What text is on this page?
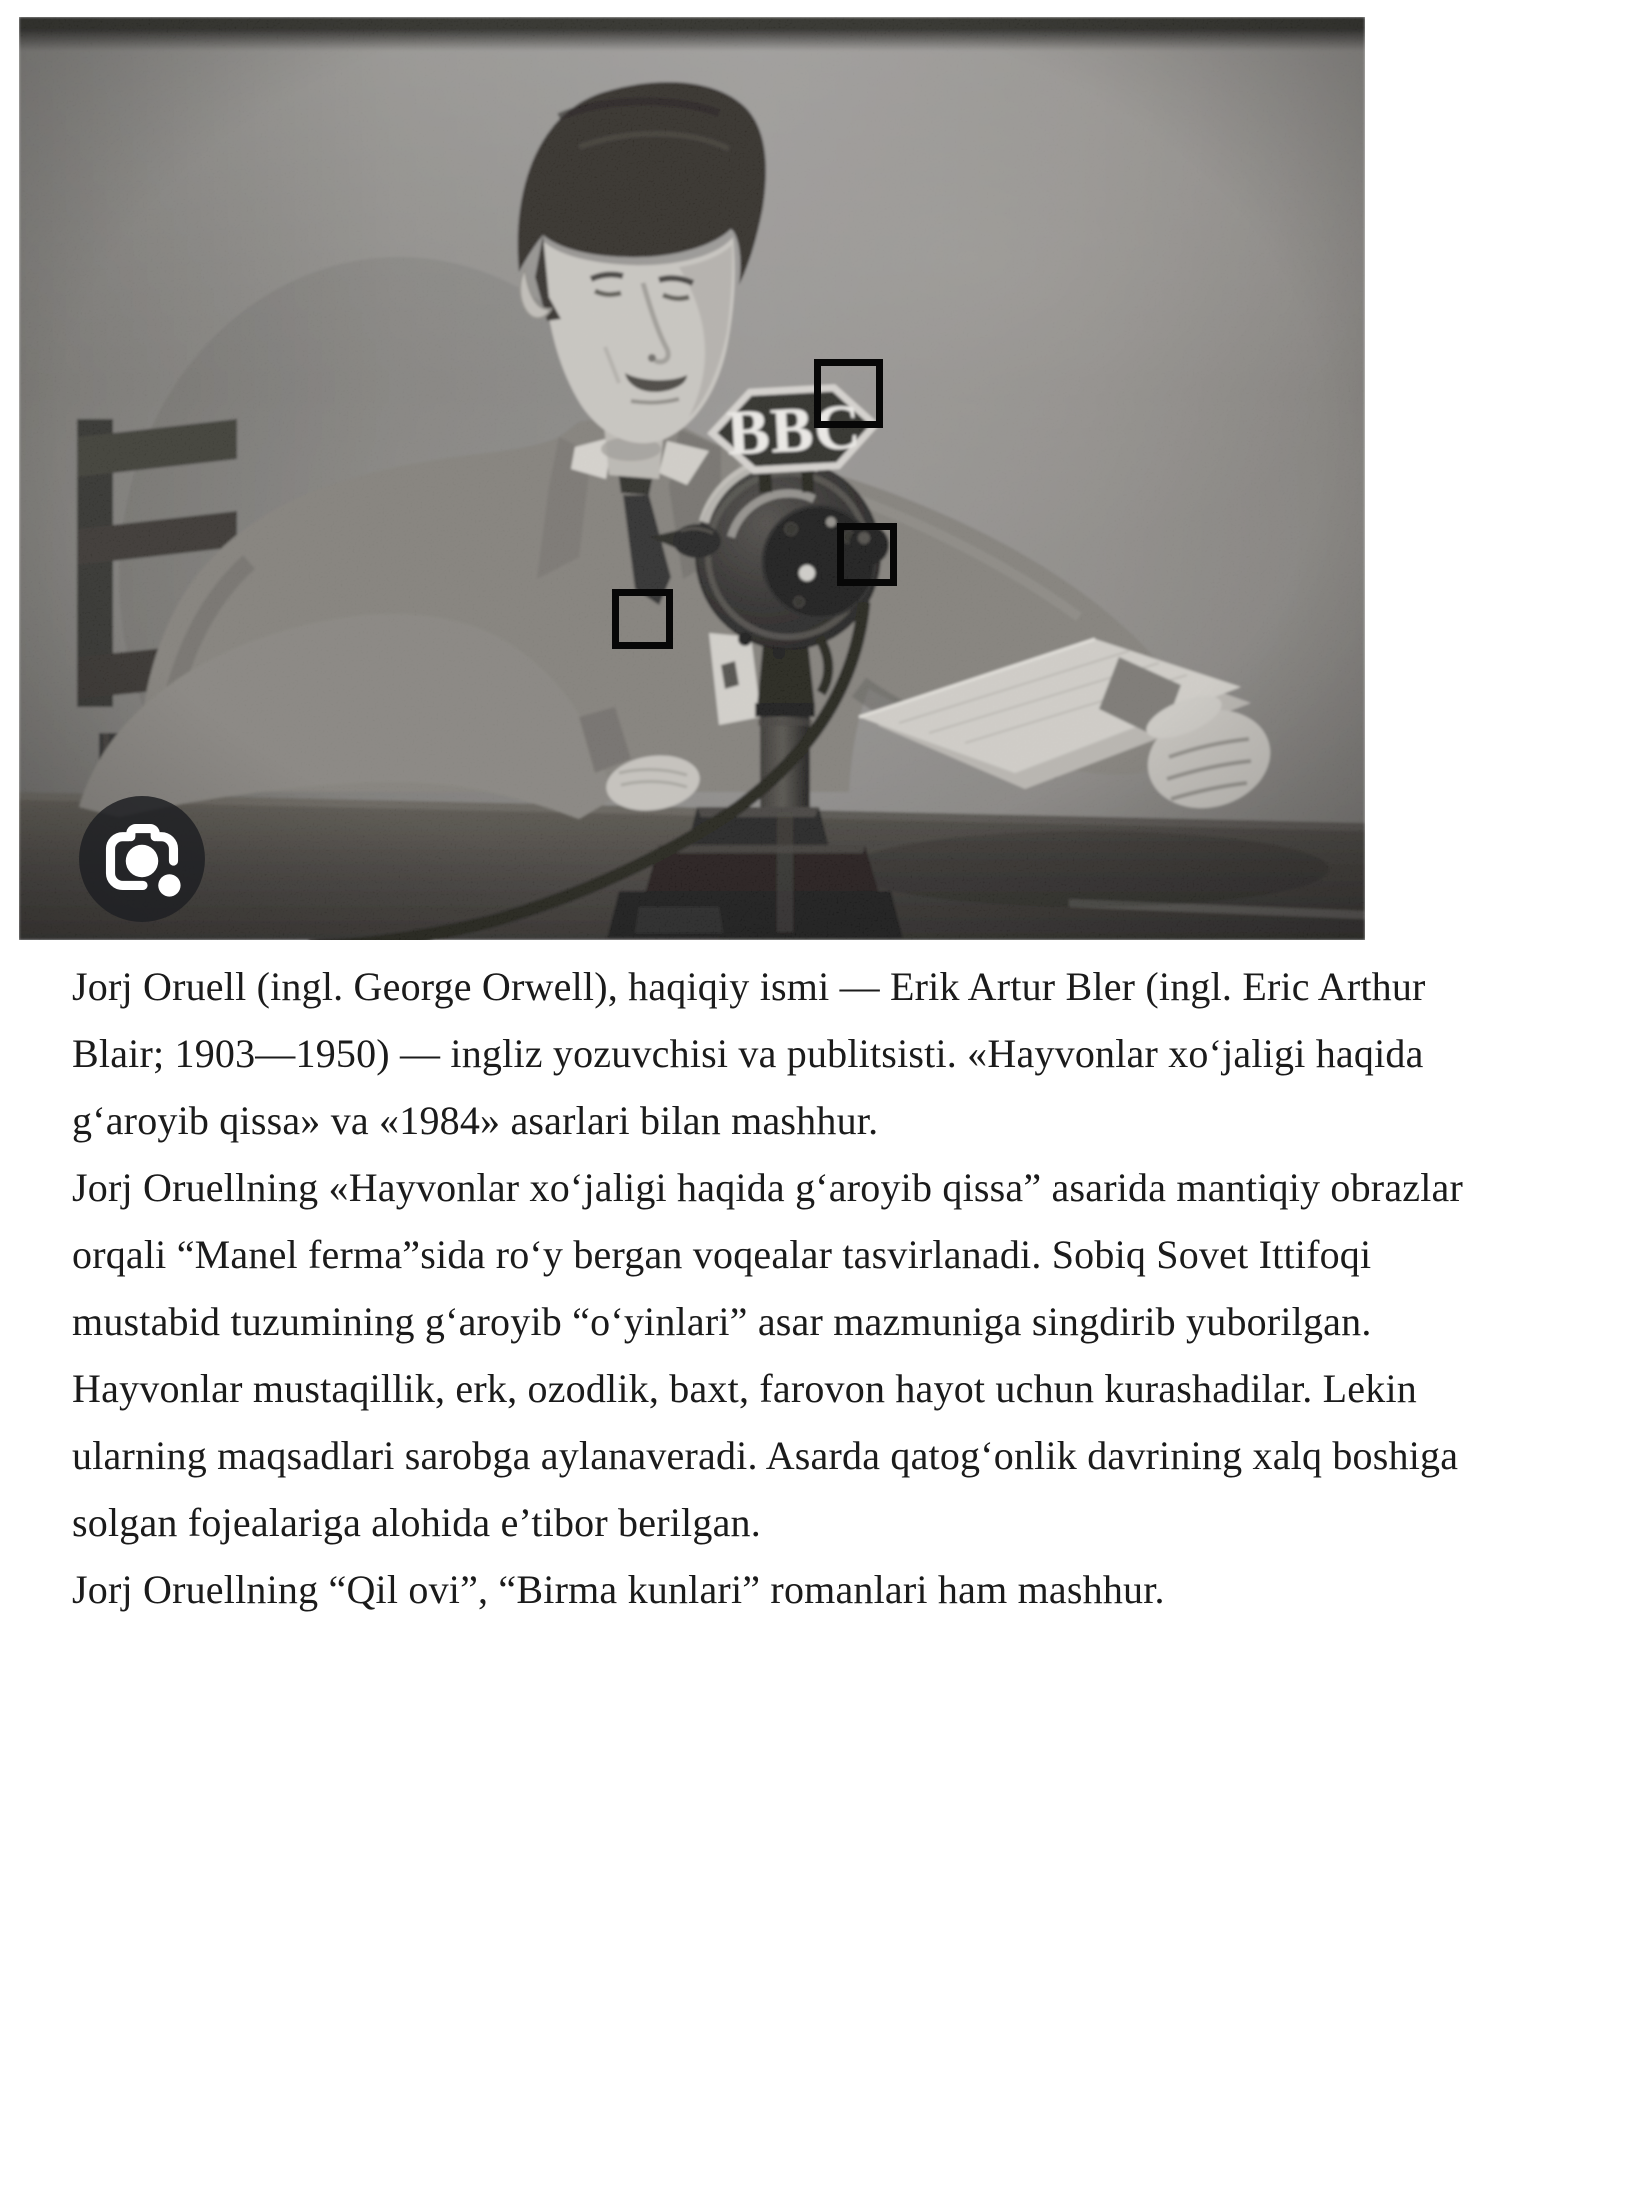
Jorj Oruell (ingl. George Orwell), haqiqiy ismi — Erik Artur Bler (ingl. Eric Arthur
Blair; 1903—1950) — ingliz yozuvchisi va publitsisti. «Hayvonlar xo‘jaligi haqida
g‘aroyib qissa» va «1984» asarlari bilan mashhur.
Jorj Oruellning «Hayvonlar xo‘jaligi haqida g‘aroyib qissa” asarida mantiqiy obrazlar
orqali “Manel ferma”sida ro‘y bergan voqealar tasvirlanadi. Sobiq Sovet Ittifoqi
mustabid tuzumining g‘aroyib “o‘yinlari” asar mazmuniga singdirib yuborilgan.
Hayvonlar mustaqillik, erk, ozodlik, baxt, farovon hayot uchun kurashadilar. Lekin
ularning maqsadlari sarobga aylanaveradi. Asarda qatog‘onlik davrining xalq boshiga
solgan fojealariga alohida e’tibor berilgan.
Jorj Oruellning “Qil ovi”, “Birma kunlari” romanlari ham mashhur.
